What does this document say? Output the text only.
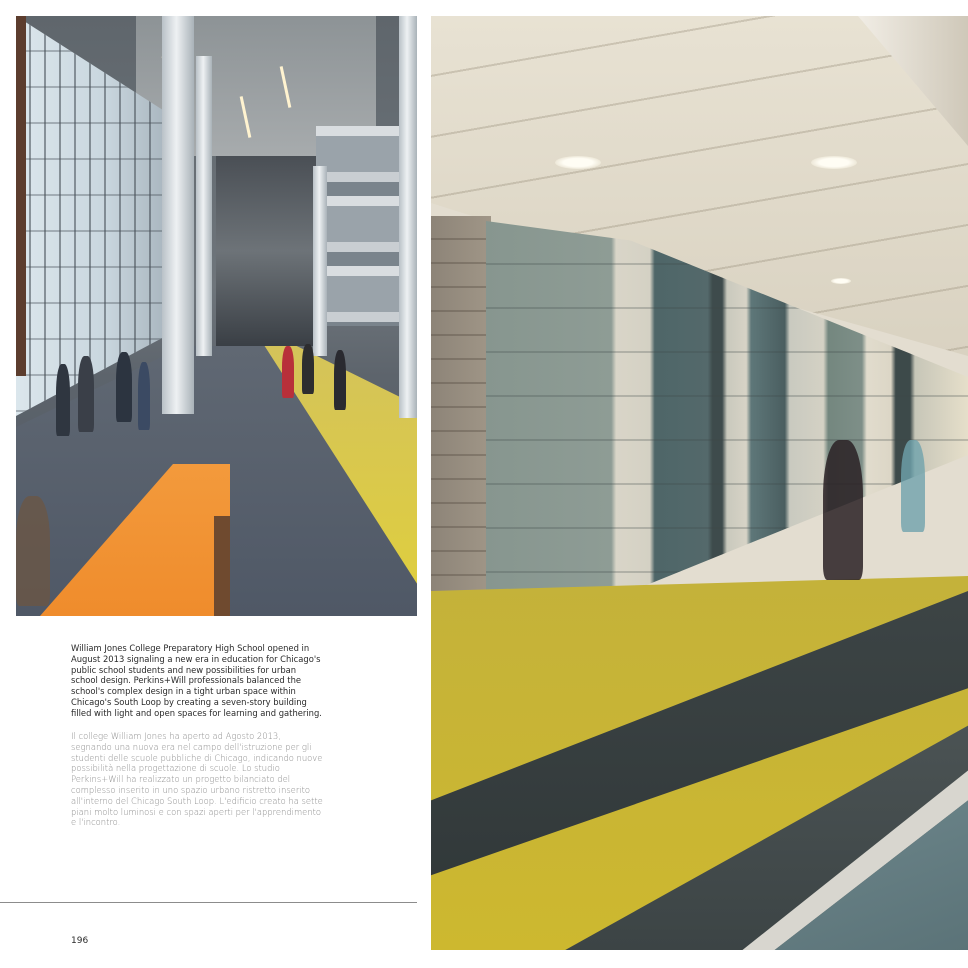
William Jones College Preparatory High School opened in August 2013 signaling a new era in education for Chicago's public school students and new possibilities for urban school design. Perkins+Will professionals balanced the school's complex design in a tight urban space within Chicago's South Loop by creating a seven-story building filled with light and open spaces for learning and gathering.

Il college William Jones ha aperto ad Agosto 2013, segnando una nuova era nel campo dell'istruzione per gli studenti delle scuole pubbliche di Chicago, indicando nuove possibilità nella progettazione di scuole. Lo studio Perkins+Will ha realizzato un progetto bilanciato del complesso inserito in uno spazio urbano ristretto inserito all'interno del Chicago South Loop. L'edificio creato ha sette piani molto luminosi e con spazi aperti per l'apprendimento e l'incontro.

196
